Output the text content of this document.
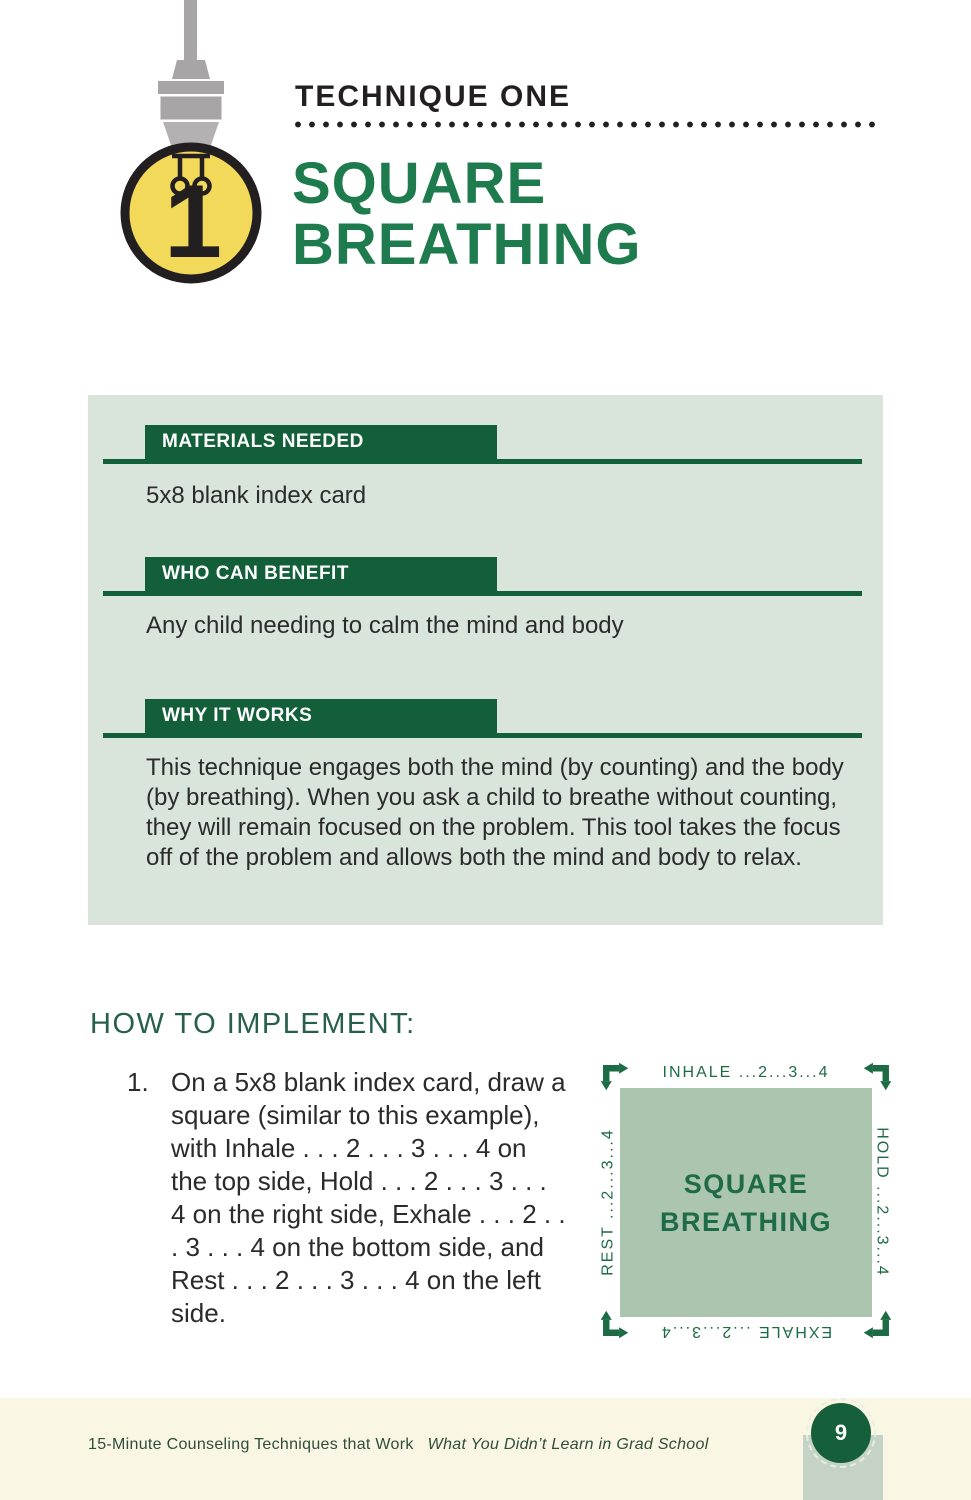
1
TECHNIQUE ONE
SQUARE
BREATHING
MATERIALS NEEDED

5x8 blank index card

WHO CAN BENEFIT

Any child needing to calm the mind and body

WHY IT WORKS

This technique engages both the mind (by counting) and the body (by breathing). When you ask a child to breathe without counting, they will remain focused on the problem. This tool takes the focus off of the problem and allows both the mind and body to relax.

HOW TO IMPLEMENT:
1. On a 5x8 blank index card, draw a square (similar to this example), with Inhale . . . 2 . . . 3 . . . 4 on the top side, Hold . . . 2 . . . 3 . . . 4 on the right side, Exhale . . . 2 . . . 3 . . . 4 on the bottom side, and Rest . . . 2 . . . 3 . . . 4 on the left side.

SQUARE
BREATHING
INHALE ...2...3...4
HOLD ...2...3...4
EXHALE ...2...3...4
REST ...2...3...4

15-Minute Counseling Techniques that Work What You Didn’t Learn in Grad School	9
